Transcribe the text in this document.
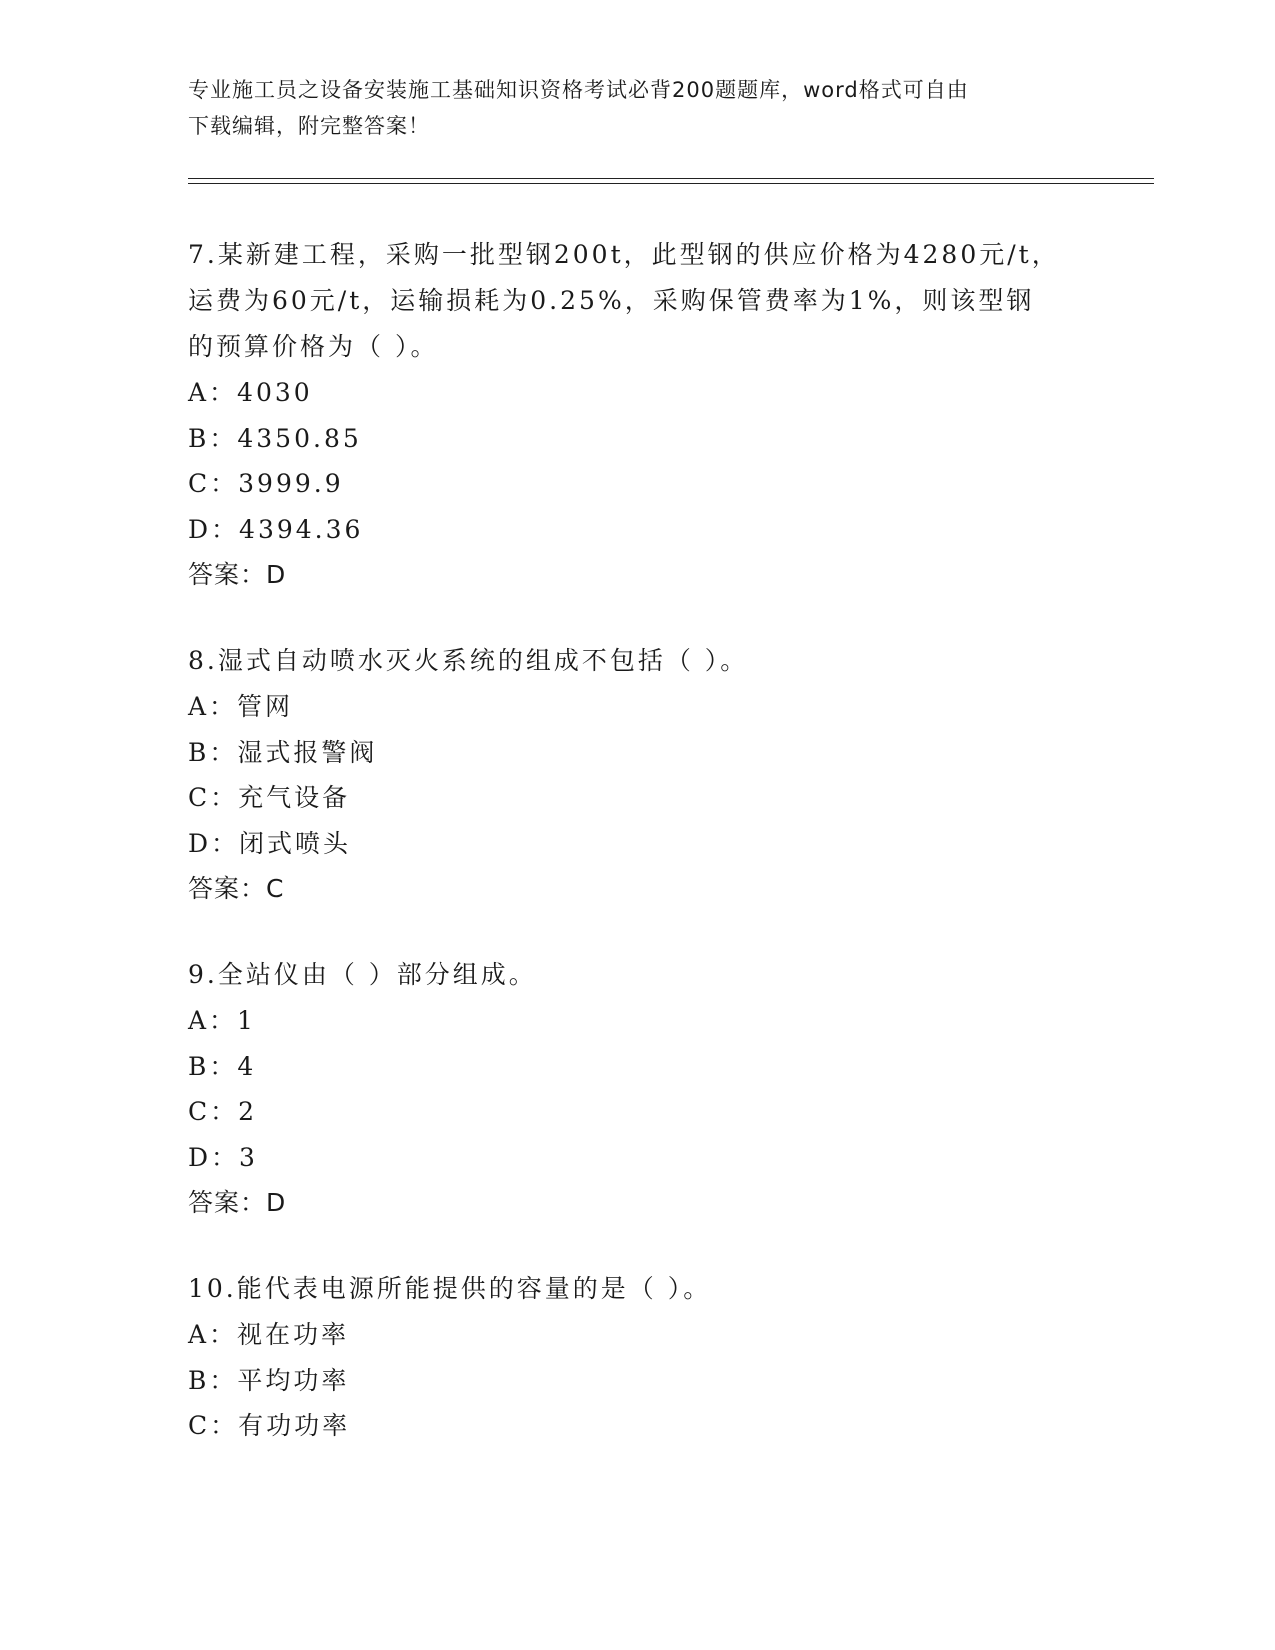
专业施工员之设备安装施工基础知识资格考试必背200题题库，word格式可自由
下载编辑，附完整答案！
7.某新建工程，采购一批型钢200t，此型钢的供应价格为4280元/t，
运费为60元/t，运输损耗为0.25%，采购保管费率为1%，则该型钢
的预算价格为（ ）。
A：4030
B：4350.85
C：3999.9
D：4394.36
答案：D
8.湿式自动喷水灭火系统的组成不包括（ ）。
A：管网
B：湿式报警阀
C：充气设备
D：闭式喷头
答案：C
9.全站仪由（ ）部分组成。
A：1
B：4
C：2
D：3
答案：D
10.能代表电源所能提供的容量的是（ ）。
A：视在功率
B：平均功率
C：有功功率
